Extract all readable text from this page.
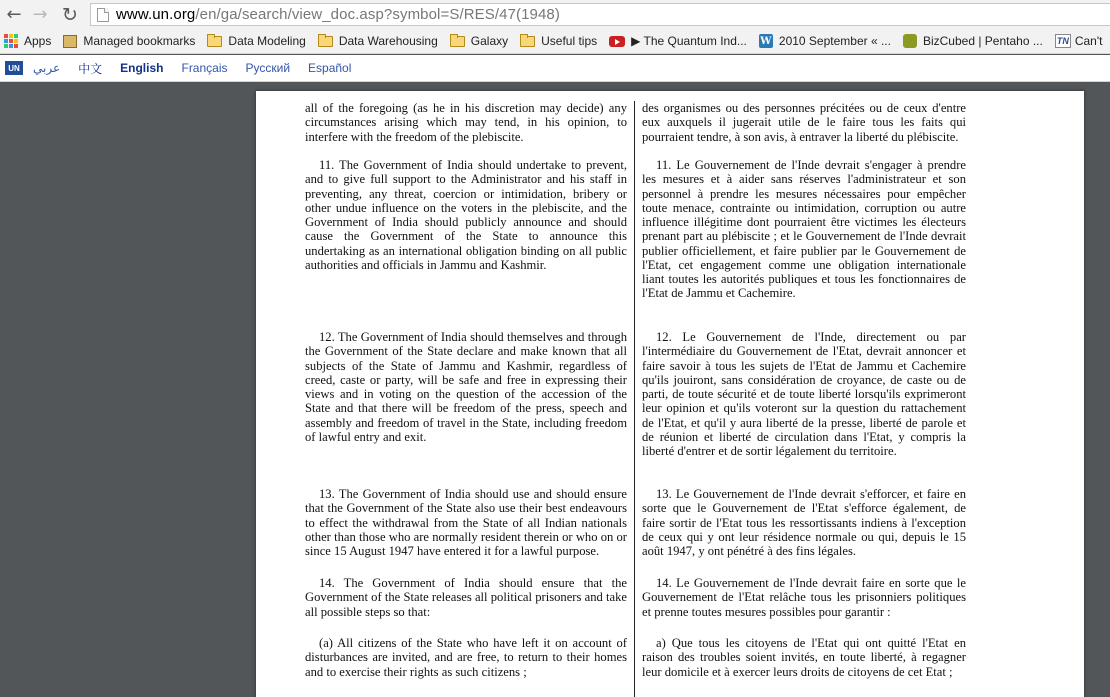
← → ↻	www.un.org/en/ga/search/view_doc.asp?symbol=S/RES/47(1948)
Apps	Managed bookmarks	Data Modeling	Data Warehousing	Galaxy	Useful tips	▶ The Quantum Ind... W 2010 September « ...	BizCubed | Pentaho ... TN Can't
UN عربي 中文 English Français Русский Español

all of the foregoing (as he in his discretion may decide) any circumstances arising which may tend, in his opinion, to interfere with the freedom of the plebiscite.

11. The Government of India should undertake to prevent, and to give full support to the Administrator and his staff in preventing, any threat, coercion or intimidation, bribery or other undue influence on the voters in the plebiscite, and the Government of India should publicly announce and should cause the Government of the State to announce this undertaking as an international obligation binding on all public authorities and officials in Jammu and Kashmir.

12. The Government of India should themselves and through the Government of the State declare and make known that all subjects of the State of Jammu and Kashmir, regardless of creed, caste or party, will be safe and free in expressing their views and in voting on the question of the accession of the State and that there will be freedom of the press, speech and assembly and freedom of travel in the State, including freedom of lawful entry and exit.

13. The Government of India should use and should ensure that the Government of the State also use their best endeavours to effect the withdrawal from the State of all Indian nationals other than those who are normally resident therein or who on or since 15 August 1947 have entered it for a lawful purpose.

14. The Government of India should ensure that the Government of the State releases all political prisoners and take all possible steps so that:

(a) All citizens of the State who have left it on account of disturbances are invited, and are free, to return to their homes and to exercise their rights as such citizens ;

des organismes ou des personnes précitées ou de ceux d'entre eux auxquels il jugerait utile de le faire tous les faits qui pourraient tendre, à son avis, à entraver la liberté du plébiscite.

11. Le Gouvernement de l'Inde devrait s'engager à prendre les mesures et à aider sans réserves l'administrateur et son personnel à prendre les mesures nécessaires pour empêcher toute menace, contrainte ou intimidation, corruption ou autre influence illégitime dont pourraient être victimes les électeurs prenant part au plébiscite ; et le Gouvernement de l'Inde devrait publier officiellement, et faire publier par le Gouvernement de l'Etat, cet engagement comme une obligation internationale liant toutes les autorités publiques et tous les fonctionnaires de l'Etat de Jammu et Cachemire.

12. Le Gouvernement de l'Inde, directement ou par l'intermédiaire du Gouvernement de l'Etat, devrait annoncer et faire savoir à tous les sujets de l'Etat de Jammu et Cachemire qu'ils jouiront, sans considération de croyance, de caste ou de parti, de toute sécurité et de toute liberté lorsqu'ils exprimeront leur opinion et qu'ils voteront sur la question du rattachement de l'Etat, et qu'il y aura liberté de la presse, liberté de parole et de réunion et liberté de circulation dans l'Etat, y compris la liberté d'entrer et de sortir légalement du territoire.

13. Le Gouvernement de l'Inde devrait s'efforcer, et faire en sorte que le Gouvernement de l'Etat s'efforce également, de faire sortir de l'Etat tous les ressortissants indiens à l'exception de ceux qui y ont leur résidence normale ou qui, depuis le 15 août 1947, y ont pénétré à des fins légales.

14. Le Gouvernement de l'Inde devrait faire en sorte que le Gouvernement de l'Etat relâche tous les prisonniers politiques et prenne toutes mesures possibles pour garantir :

a) Que tous les citoyens de l'Etat qui ont quitté l'Etat en raison des troubles soient invités, en toute liberté, à regagner leur domicile et à exercer leurs droits de citoyens de cet Etat ;
